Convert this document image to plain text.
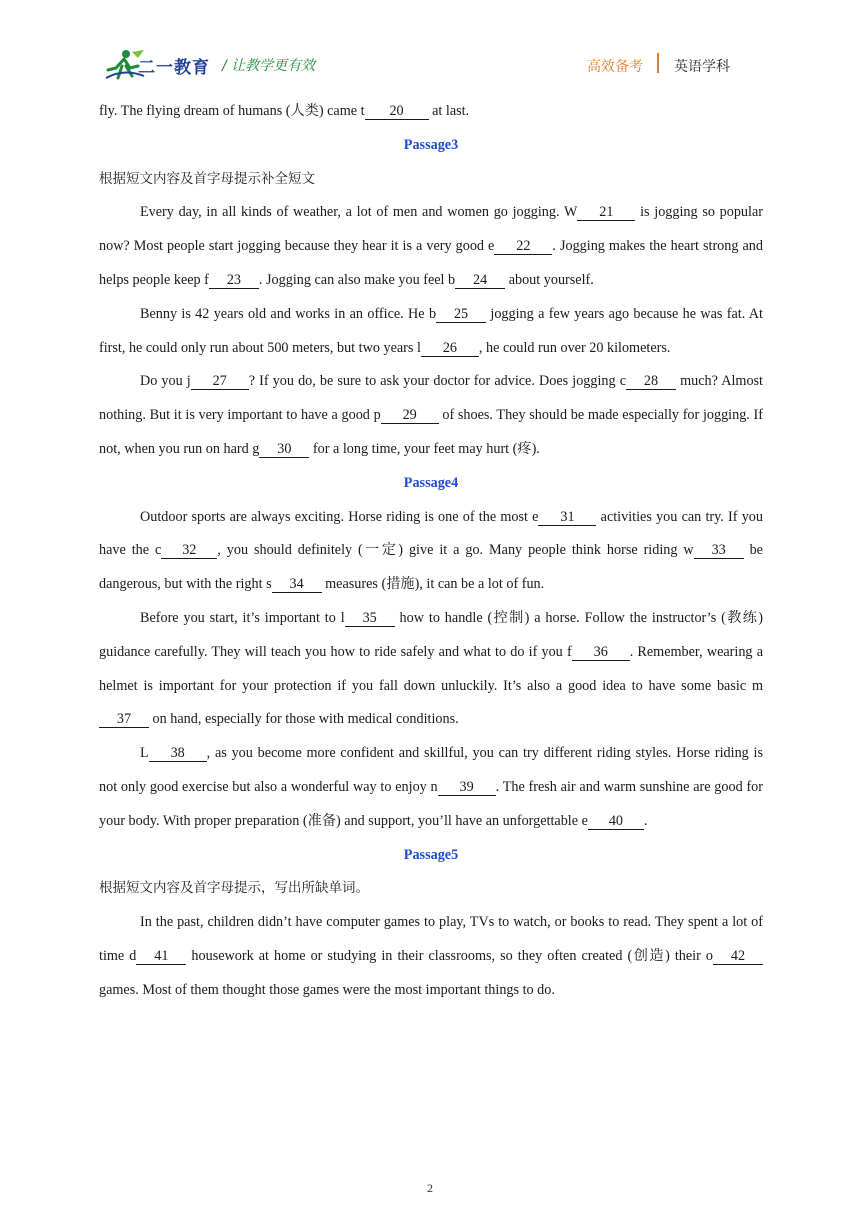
二一教育 / 让教学更有效	高效备考 英语学科

fly. The flying dream of humans (人类) came t 20 at last.

Passage3

根据短文内容及首字母提示补全短文

Every day, in all kinds of weather, a lot of men and women go jogging. W 21 is jogging so popular now? Most people start jogging because they hear it is a very good e 22 . Jogging makes the heart strong and helps people keep f 23 . Jogging can also make you feel b 24 about yourself.

Benny is 42 years old and works in an office. He b 25 jogging a few years ago because he was fat. At first, he could only run about 500 meters, but two years l 26 , he could run over 20 kilometers.

Do you j 27 ? If you do, be sure to ask your doctor for advice. Does jogging c 28 much? Almost nothing. But it is very important to have a good p 29 of shoes. They should be made especially for jogging. If not, when you run on hard g 30 for a long time, your feet may hurt (疼).

Passage4

Outdoor sports are always exciting. Horse riding is one of the most e 31 activities you can try. If you have the c 32 , you should definitely (一定) give it a go. Many people think horse riding w 33 be dangerous, but with the right s 34 measures (措施), it can be a lot of fun.

Before you start, it’s important to l 35 how to handle (控制) a horse. Follow the instructor’s (教练) guidance carefully. They will teach you how to ride safely and what to do if you f 36 . Remember, wearing a helmet is important for your protection if you fall down unluckily. It’s also a good idea to have some basic m37 on hand, especially for those with medical conditions.

L 38 , as you become more confident and skillful, you can try different riding styles. Horse riding is not only good exercise but also a wonderful way to enjoy n 39 . The fresh air and warm sunshine are good for your body. With proper preparation (准备) and support, you’ll have an unforgettable e 40 .

Passage5

根据短文内容及首字母提示，写出所缺单词。

In the past, children didn’t have computer games to play, TVs to watch, or books to read. They spent a lot of time d 41 housework at home or studying in their classrooms, so they often created (创造) their o 42 games. Most of them thought those games were the most important things to do.

2
